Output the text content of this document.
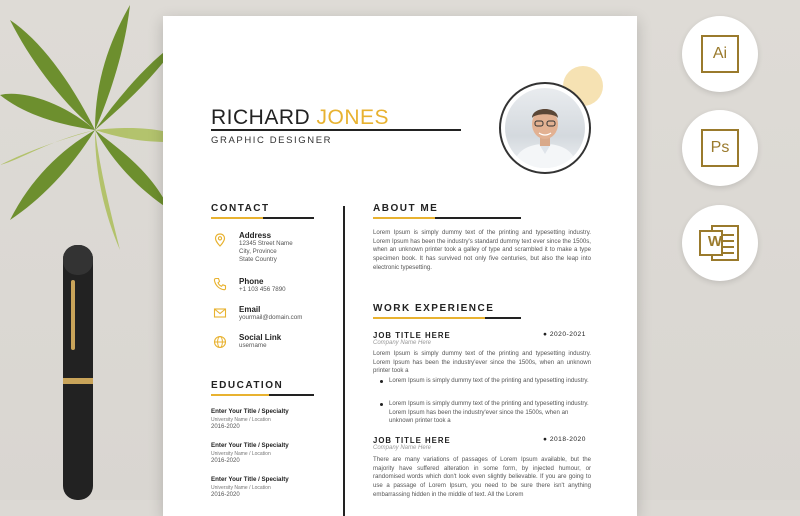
RICHARD JONES
GRAPHIC DESIGNER
CONTACT
Address
12345 Street Name
City, Province
State Country
Phone
+1 103 456 7890
Email
yourmail@domain.com
Social Link
username
EDUCATION
Enter Your Title / Specialty
University Name / Location
2016-2020
Enter Your Title / Specialty
University Name / Location
2016-2020
Enter Your Title / Specialty
University Name / Location
2016-2020
ABOUT ME
Lorem Ipsum is simply dummy text of the printing and typesetting industry. Lorem Ipsum has been the industry's standard dummy text ever since the 1500s, when an unknown printer took a galley of type and scrambled it to make a type specimen book. It has survived not only five centuries, but also the leap into electronic typesetting.
WORK EXPERIENCE
JOB TITLE HERE	● 2020-2021
Company Name Here
Lorem Ipsum is simply dummy text of the printing and typesetting industry. Lorem Ipsum has been the industry'ever since the 1500s, when an unknown printer took a
Lorem Ipsum is simply dummy text of the printing and typesetting industry.
Lorem Ipsum is simply dummy text of the printing and typesetting industry. Lorem Ipsum has been the industry'ever since the 1500s, when an unknown printer took a
JOB TITLE HERE	● 2018-2020
Company Name Here
There are many variations of passages of Lorem Ipsum available, but the majority have suffered alteration in some form, by injected humour, or randomised words which don't look even slightly believable. If you are going to use a passage of Lorem Ipsum, you need to be sure there isn't anything embarrassing hidden in the middle of text. All the Lorem
Ai
Ps
W
